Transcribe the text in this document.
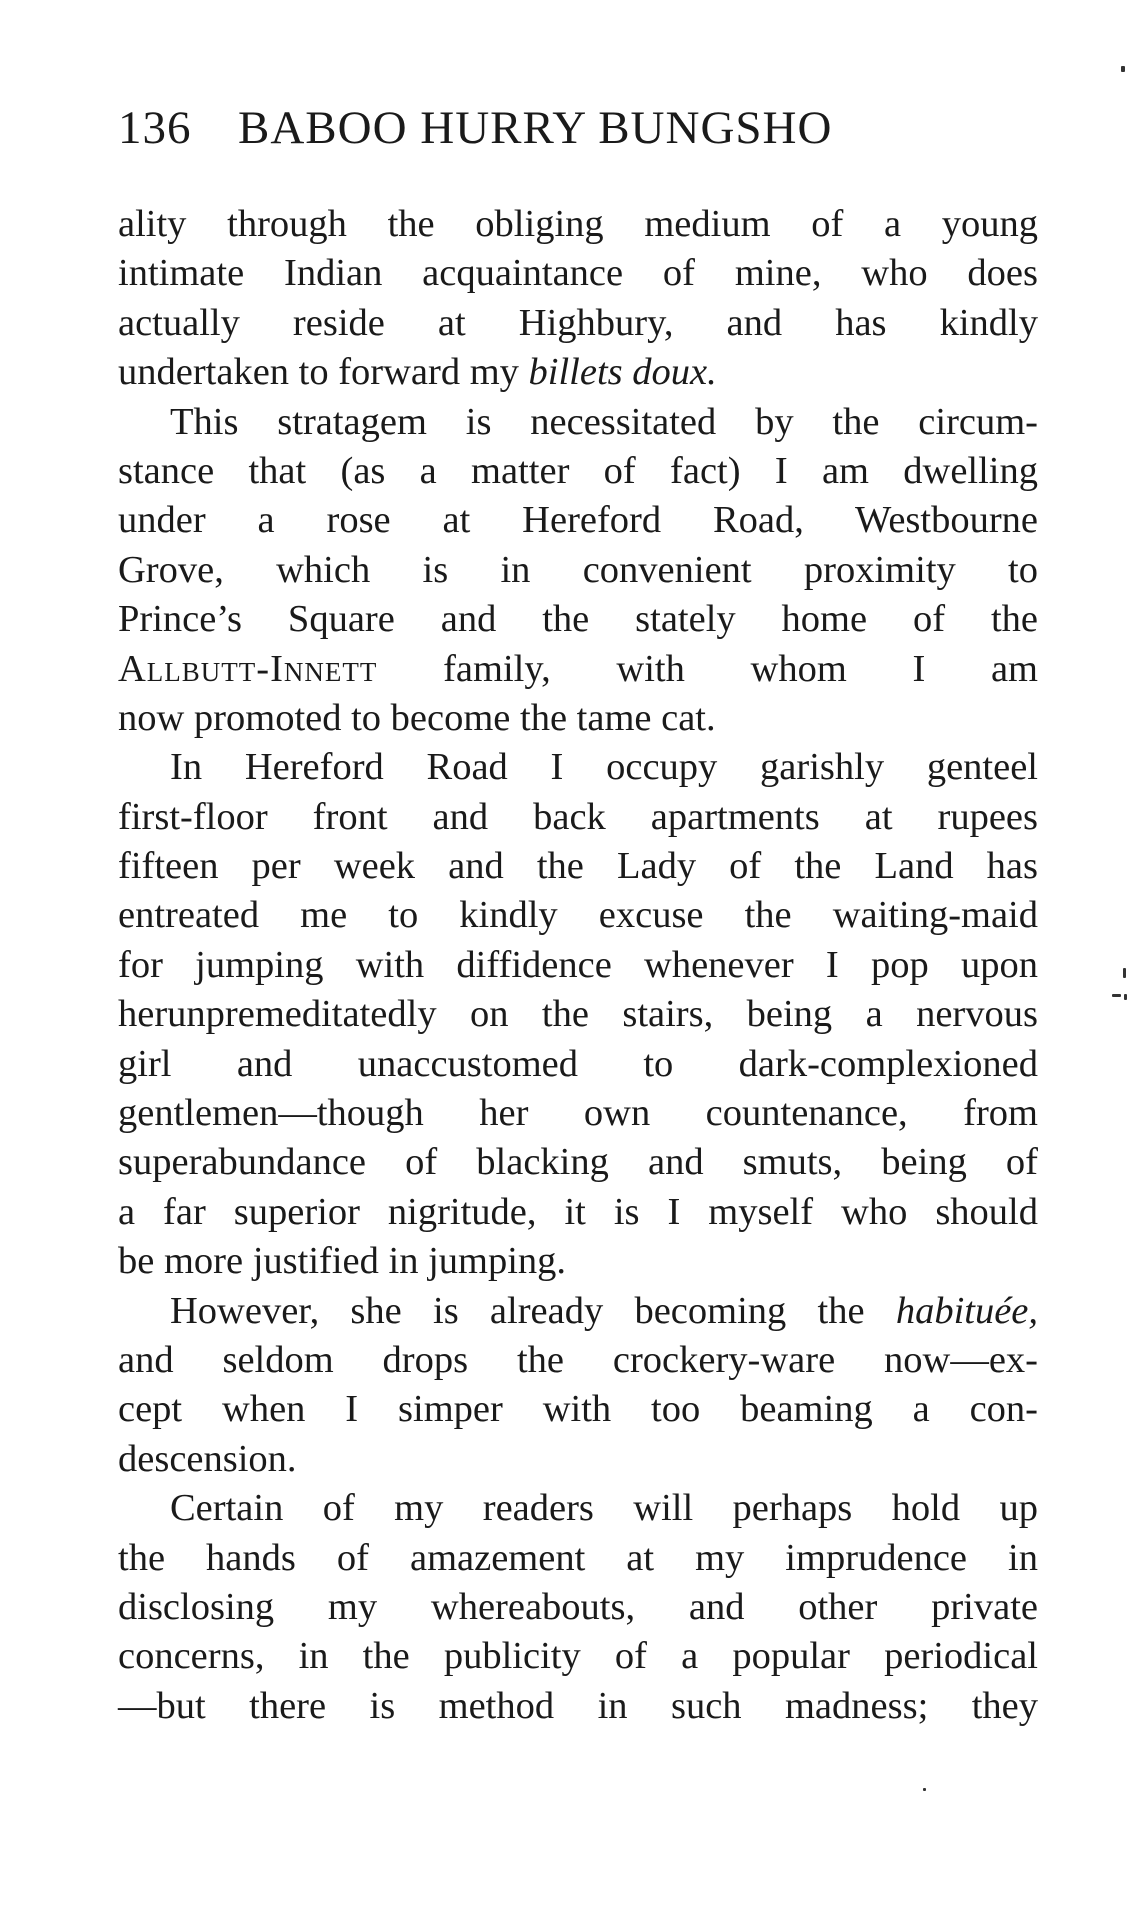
136 BABOO HURRY BUNGSHO
ality through the obliging medium of a young
intimate Indian acquaintance of mine, who does
actually reside at Highbury, and has kindly
undertaken to forward my billets doux.
This stratagem is necessitated by the circum-
stance that (as a matter of fact) I am dwelling
under a rose at Hereford Road, Westbourne
Grove, which is in convenient proximity to
Prince’s Square and the stately home of the
Allbutt-Innett family, with whom I am
now promoted to become the tame cat.
In Hereford Road I occupy garishly genteel
first-floor front and back apartments at rupees
fifteen per week and the Lady of the Land has
entreated me to kindly excuse the waiting-maid
for jumping with diffidence whenever I pop upon
herunpremeditatedly on the stairs, being a nervous
girl and unaccustomed to dark-complexioned
gentlemen—though her own countenance, from
superabundance of blacking and smuts, being of
a far superior nigritude, it is I myself who should
be more justified in jumping.
However, she is already becoming the habituée,
and seldom drops the crockery-ware now—ex-
cept when I simper with too beaming a con-
descension.
Certain of my readers will perhaps hold up
the hands of amazement at my imprudence in
disclosing my whereabouts, and other private
concerns, in the publicity of a popular periodical
—but there is method in such madness; they
